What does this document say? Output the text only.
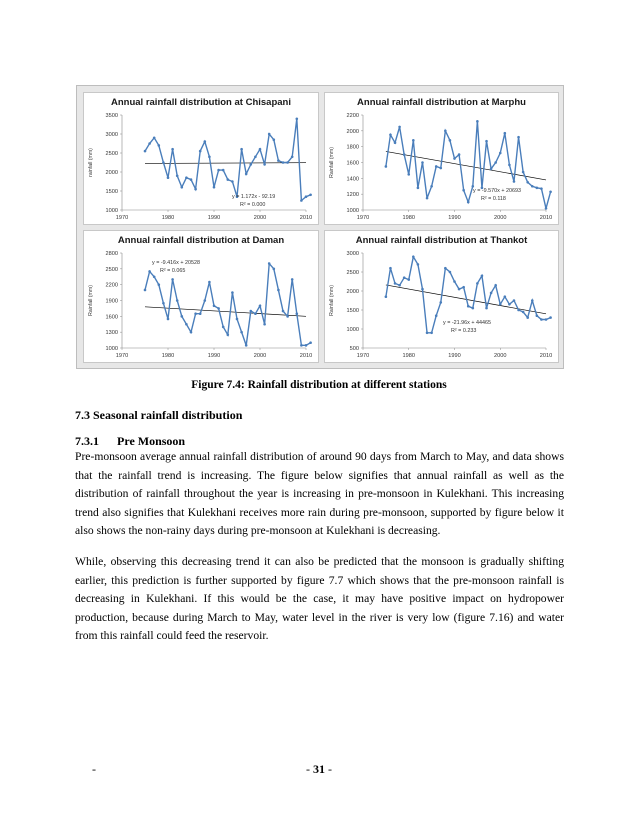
Annual rainfall distribution at Chisapani
rainfall (mm)
1000
1500
2000
2500
3000
3500
1970	1980	1990	2000	2010
y = 1.172x - 92.19
R² = 0.000
Annual rainfall distribution at Marphu
Rainfall (mm)
1000
1200
1400
1600
1800
2000
2200
1970	1980	1990	2000	2010
y = -9.570x + 20693
R² = 0.118
Annual rainfall distribution at Daman
Rainfall (mm)
1000
1300
1600
1900
2200
2500
2800
1970	1980	1990	2000	2010
y = -9.416x + 20528
R² = 0.065
Annual rainfall distribution at Thankot
Rainfall (mm)
500
1000
1500
2000
2500
3000
1970	1980	1990	2000	2010
y = -21.96x + 44465
R² = 0.233
Figure 7.4: Rainfall distribution at different stations
7.3 Seasonal rainfall distribution
7.3.1 Pre Monsoon

Pre-monsoon average annual rainfall distribution of around 90 days from March to May, and data shows that the rainfall trend is increasing. The figure below signifies that annual rainfall as well as the distribution of rainfall throughout the year is increasing in pre-monsoon in Kulekhani. This increasing trend also signifies that Kulekhani receives more rain during pre-monsoon, supported by figure below it also shows the non-rainy days during pre-monsoon at Kulekhani is decreasing.

While, observing this decreasing trend it can also be predicted that the monsoon is gradually shifting earlier, this prediction is further supported by figure 7.7 which shows that the pre-monsoon rainfall is decreasing in Kulekhani. If this would be the case, it may have positive impact on hydropower production, because during March to May, water level in the river is very low (figure 7.16) and water from this rainfall could feed the reservoir.

-	- 31 -
